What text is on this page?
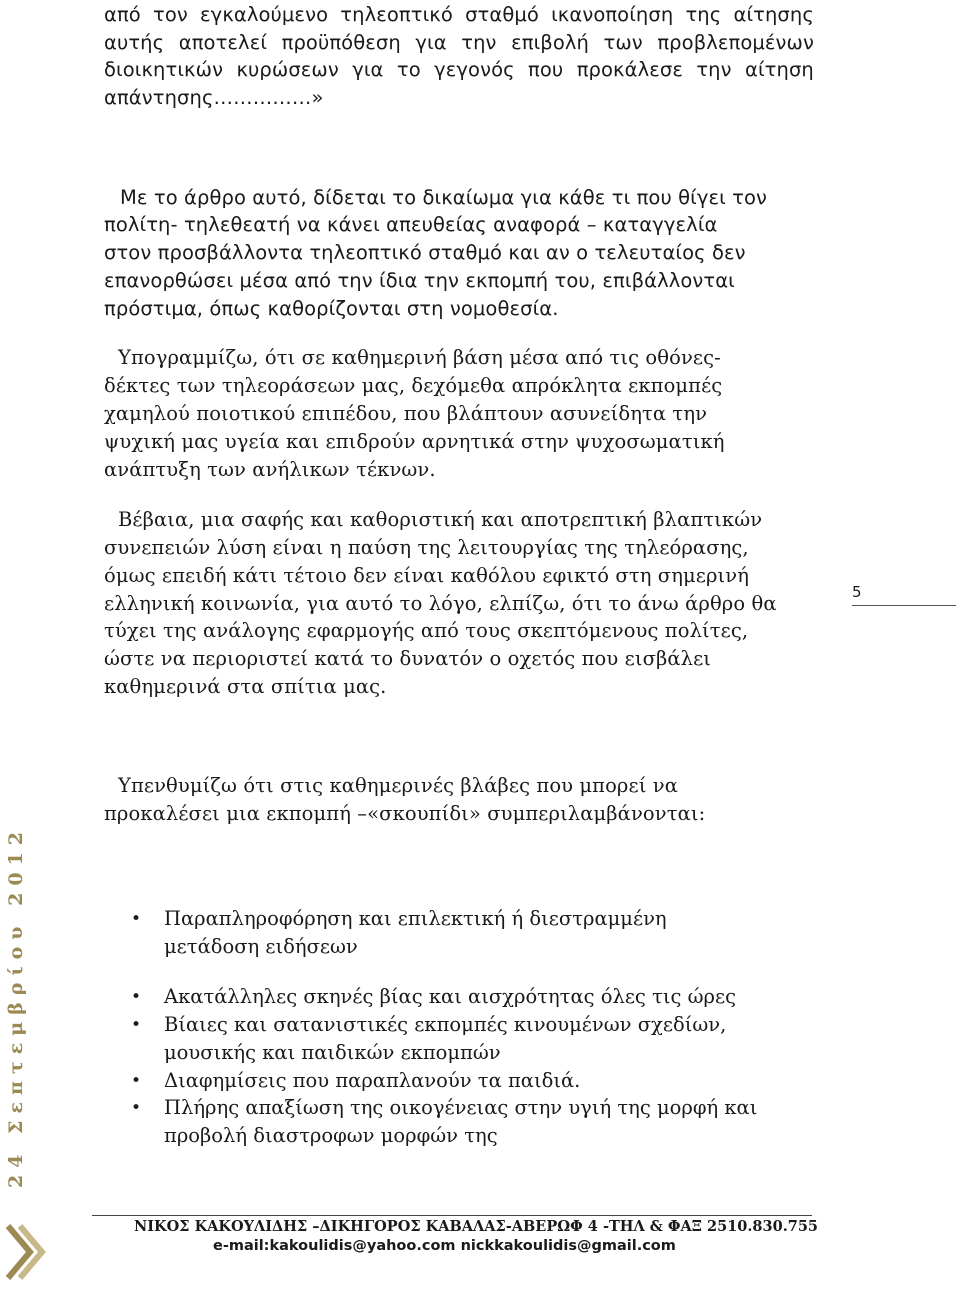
από τον εγκαλούμενο τηλεοπτικό σταθμό ικανοποίηση της αίτησης
αυτής αποτελεί προϋπόθεση για την επιβολή των προβλεπομένων
διοικητικών κυρώσεων για το γεγονός που προκάλεσε την αίτηση
απάντησης……………»
Με το άρθρο αυτό, δίδεται το δικαίωμα για κάθε τι που θίγει τον
πολίτη- τηλεθεατή να κάνει απευθείας αναφορά – καταγγελία
στον προσβάλλοντα τηλεοπτικό σταθμό και αν ο τελευταίος δεν
επανορθώσει μέσα από την ίδια την εκπομπή του, επιβάλλονται
πρόστιμα, όπως καθορίζονται στη νομοθεσία.
Υπογραμμίζω, ότι σε καθημερινή βάση μέσα από τις οθόνες-
δέκτες των τηλεοράσεων μας, δεχόμεθα απρόκλητα εκπομπές
χαμηλού ποιοτικού επιπέδου, που βλάπτουν ασυνείδητα την
ψυχική μας υγεία και επιδρούν αρνητικά στην ψυχοσωματική
ανάπτυξη των ανήλικων τέκνων.
Βέβαια, μια σαφής και καθοριστική και αποτρεπτική βλαπτικών
συνεπειών λύση είναι η παύση της λειτουργίας της τηλεόρασης,
όμως επειδή κάτι τέτοιο δεν είναι καθόλου εφικτό στη σημερινή
ελληνική κοινωνία, για αυτό το λόγο, ελπίζω, ότι το άνω άρθρο θα
τύχει της ανάλογης εφαρμογής από τους σκεπτόμενους πολίτες,
ώστε να περιοριστεί κατά το δυνατόν ο οχετός που εισβάλει
καθημερινά στα σπίτια μας.
Υπενθυμίζω ότι στις καθημερινές βλάβες που μπορεί να
προκαλέσει μια εκπομπή –«σκουπίδι» συμπεριλαμβάνονται:
• Παραπληροφόρηση και επιλεκτική ή διεστραμμένη
μετάδοση ειδήσεων
• Ακατάλληλες σκηνές βίας και αισχρότητας όλες τις ώρες
• Βίαιες και σατανιστικές εκπομπές κινουμένων σχεδίων,
μουσικής και παιδικών εκπομπών
• Διαφημίσεις που παραπλανούν τα παιδιά.
• Πλήρης απαξίωση της οικογένειας στην υγιή της μορφή και
προβολή διαστροφων μορφών της
5
24 Σεπτεμβρίου 2012
ΝΙΚΟΣ ΚΑΚΟΥΛΙΔΗΣ –ΔΙΚΗΓΟΡΟΣ ΚΑΒΑΛΑΣ-ΑΒΕΡΩΦ 4 -ΤΗΛ & ΦΑΞ 2510.830.755
e-mail:kakoulidis@yahoo.com nickkakoulidis@gmail.com
